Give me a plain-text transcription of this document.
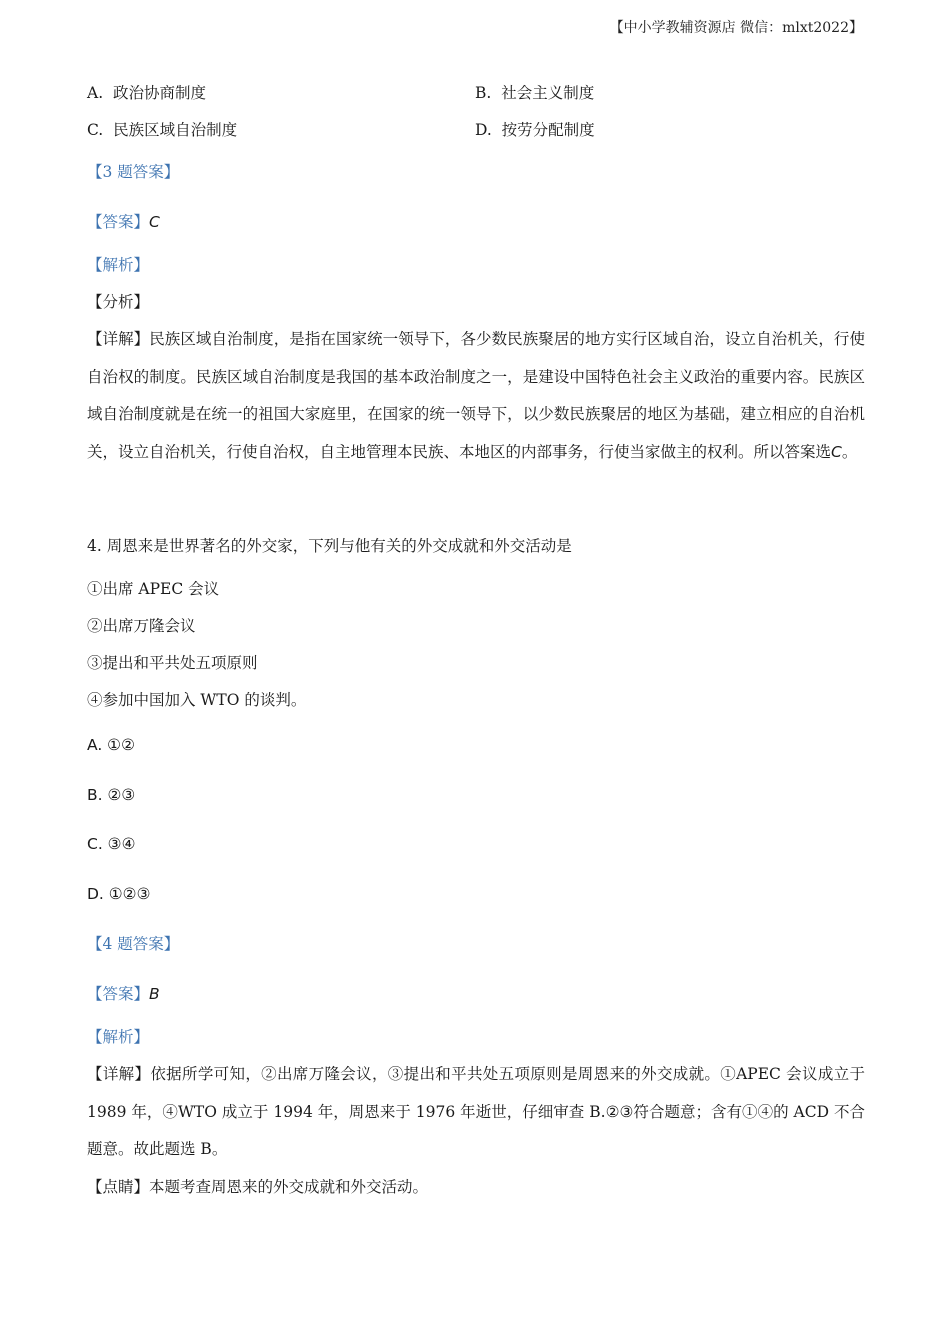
【中小学教辅资源店 微信：mlxt2022】
A. 政治协商制度	B. 社会主义制度
C. 民族区域自治制度	D. 按劳分配制度
【3 题答案】
【答案】C
【解析】
【分析】
【详解】民族区域自治制度，是指在国家统一领导下，各少数民族聚居的地方实行区域自治，设立自治机关，行使自治权的制度。民族区域自治制度是我国的基本政治制度之一，是建设中国特色社会主义政治的重要内容。民族区域自治制度就是在统一的祖国大家庭里，在国家的统一领导下，以少数民族聚居的地区为基础，建立相应的自治机关，设立自治机关，行使自治权，自主地管理本民族、本地区的内部事务，行使当家做主的权利。所以答案选C。
4. 周恩来是世界著名的外交家，下列与他有关的外交成就和外交活动是
①出席 APEC 会议
②出席万隆会议
③提出和平共处五项原则
④参加中国加入 WTO 的谈判。
A. ①②
B. ②③
C. ③④
D. ①②③
【4 题答案】
【答案】B
【解析】
【详解】依据所学可知，②出席万隆会议，③提出和平共处五项原则是周恩来的外交成就。①APEC 会议成立于 1989 年，④WTO 成立于 1994 年，周恩来于 1976 年逝世，仔细审查 B.②③符合题意；含有①④的 ACD 不合题意。故此题选 B。
【点睛】本题考查周恩来的外交成就和外交活动。
